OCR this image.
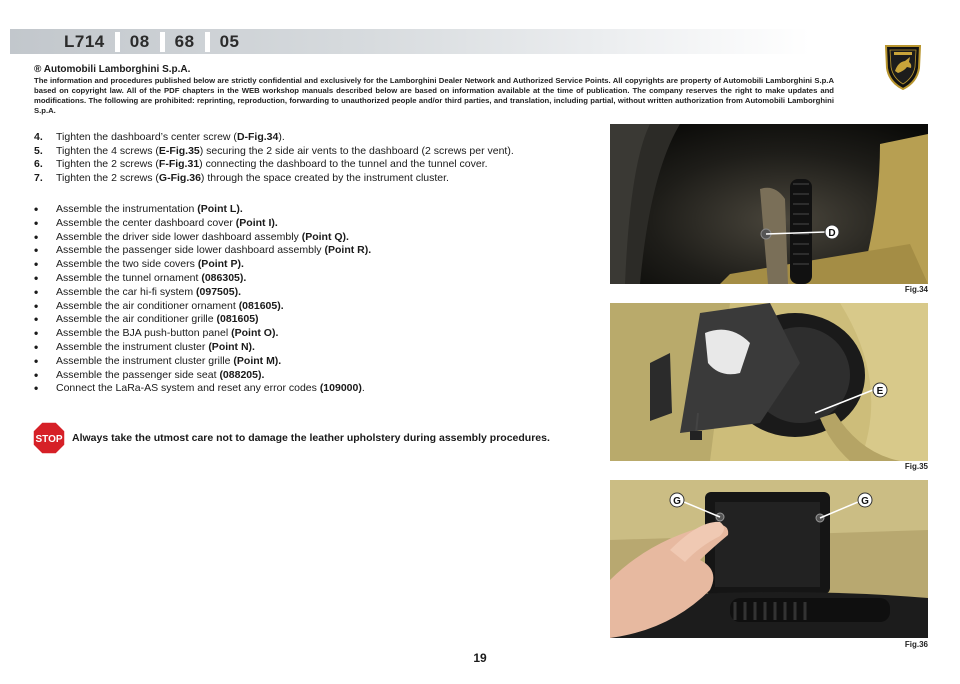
L714 08 68 05
® Automobili Lamborghini S.p.A.
The information and procedures published below are strictly confidential and exclusively for the Lamborghini Dealer Network and Authorized Service Points. All copyrights are property of Automobili Lamborghini S.p.A based on copyright law. All of the PDF chapters in the WEB workshop manuals described below are based on information available at the time of publication. The company reserves the right to make updates and modifications. The following are prohibited: reprinting, reproduction, forwarding to unauthorized people and/or third parties, and translation, including partial, without written authorization from Automobili Lamborghini S.p.A.
4.	Tighten the dashboard’s center screw (D-Fig.34).
5.	Tighten the 4 screws (E-Fig.35) securing the 2 side air vents to the dashboard (2 screws per vent).
6.	Tighten the 2 screws (F-Fig.31) connecting the dashboard to the tunnel and the tunnel cover.
7.	Tighten the 2 screws (G-Fig.36) through the space created by the instrument cluster.
•	Assemble the instrumentation (Point L).
•	Assemble the center dashboard cover (Point I).
•	Assemble the driver side lower dashboard assembly (Point Q).
•	Assemble the passenger side lower dashboard assembly (Point R).
•	Assemble the two side covers (Point P).
•	Assemble the tunnel ornament (086305).
•	Assemble the car hi-fi system (097505).
•	Assemble the air conditioner ornament (081605).
•	Assemble the air conditioner grille (081605)
•	Assemble the BJA push-button panel (Point O).
•	Assemble the instrument cluster (Point N).
•	Assemble the instrument cluster grille (Point M).
•	Assemble the passenger side seat (088205).
•	Connect the LaRa-AS system and reset any error codes (109000).
STOP Always take the utmost care not to damage the leather upholstery during assembly procedures.
D
Fig.34
E
Fig.35
G	G
Fig.36
19
